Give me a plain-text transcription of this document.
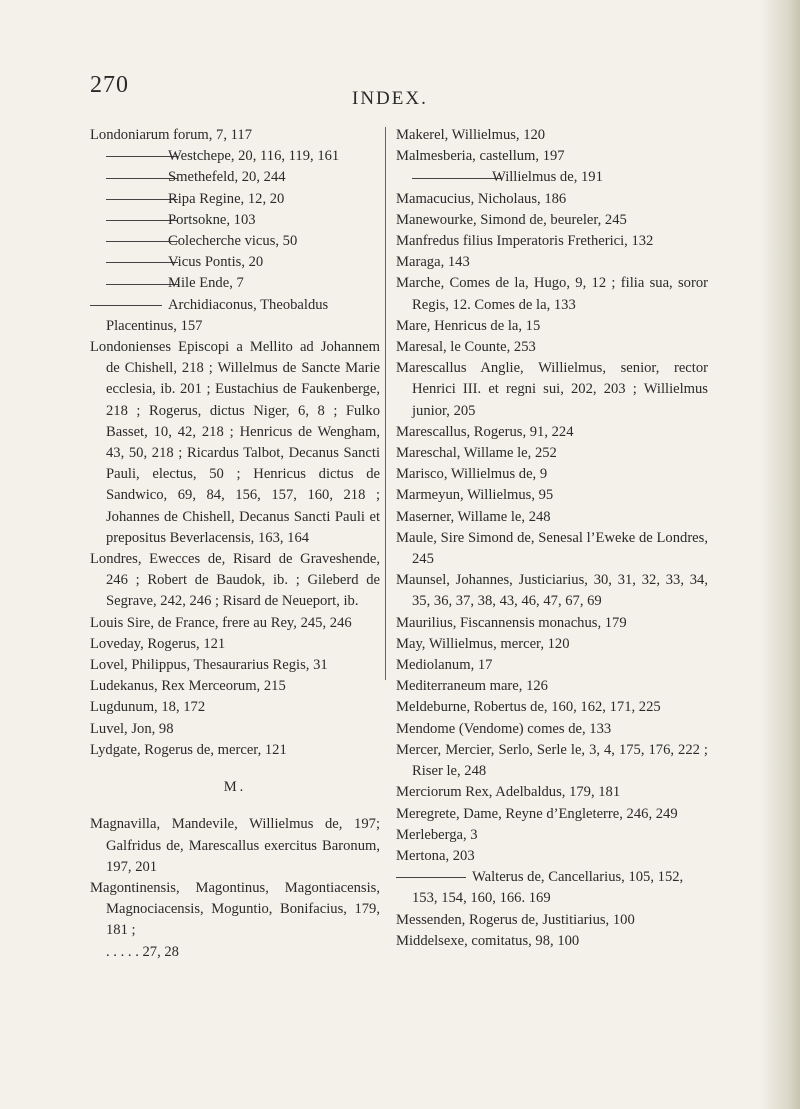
270
INDEX.
Londoniarum forum, 7, 117
Westchepe, 20, 116, 119, 161
Smethefeld, 20, 244
Ripa Regine, 12, 20
Portsokne, 103
Colecherche vicus, 50
Vicus Pontis, 20
Mile Ende, 7
Archidiaconus, Theobaldus Placentinus, 157
Londonienses Episcopi a Mellito ad Johannem de Chishell, 218 ; Willelmus de Sancte Marie ecclesia, ib. 201 ; Eustachius de Faukenberge, 218 ; Rogerus, dictus Niger, 6, 8 ; Fulko Basset, 10, 42, 218 ; Henricus de Wengham, 43, 50, 218 ; Ricardus Talbot, Decanus Sancti Pauli, electus, 50 ; Henricus dictus de Sandwico, 69, 84, 156, 157, 160, 218 ; Johannes de Chishell, Decanus Sancti Pauli et prepositus Beverlacensis, 163, 164
Londres, Ewecces de, Risard de Graveshende, 246 ; Robert de Baudok, ib. ; Gileberd de Segrave, 242, 246 ; Risard de Neueport, ib.
Louis Sire, de France, frere au Rey, 245, 246
Loveday, Rogerus, 121
Lovel, Philippus, Thesaurarius Regis, 31
Ludekanus, Rex Merceorum, 215
Lugdunum, 18, 172
Luvel, Jon, 98
Lydgate, Rogerus de, mercer, 121
M.
Magnavilla, Mandevile, Willielmus de, 197; Galfridus de, Marescallus exercitus Baronum, 197, 201
Magontinensis, Magontinus, Magontiacensis, Magnociacensis, Moguntio, Bonifacius, 179, 181 ;
. . . . . 27, 28
Makerel, Willielmus, 120
Malmesberia, castellum, 197
Willielmus de, 191
Mamacucius, Nicholaus, 186
Manewourke, Simond de, beureler, 245
Manfredus filius Imperatoris Fretherici, 132
Maraga, 143
Marche, Comes de la, Hugo, 9, 12 ; filia sua, soror Regis, 12. Comes de la, 133
Mare, Henricus de la, 15
Maresal, le Counte, 253
Marescallus Anglie, Willielmus, senior, rector Henrici III. et regni sui, 202, 203 ; Willielmus junior, 205
Marescallus, Rogerus, 91, 224
Mareschal, Willame le, 252
Marisco, Willielmus de, 9
Marmeyun, Willielmus, 95
Maserner, Willame le, 248
Maule, Sire Simond de, Senesal l’Eweke de Londres, 245
Maunsel, Johannes, Justiciarius, 30, 31, 32, 33, 34, 35, 36, 37, 38, 43, 46, 47, 67, 69
Maurilius, Fiscannensis monachus, 179
May, Willielmus, mercer, 120
Mediolanum, 17
Mediterraneum mare, 126
Meldeburne, Robertus de, 160, 162, 171, 225
Mendome (Vendome) comes de, 133
Mercer, Mercier, Serlo, Serle le, 3, 4, 175, 176, 222 ; Riser le, 248
Merciorum Rex, Adelbaldus, 179, 181
Meregrete, Dame, Reyne d’Engleterre, 246, 249
Merleberga, 3
Mertona, 203
Walterus de, Cancellarius, 105, 152, 153, 154, 160, 166. 169
Messenden, Rogerus de, Justitiarius, 100
Middelsexe, comitatus, 98, 100
